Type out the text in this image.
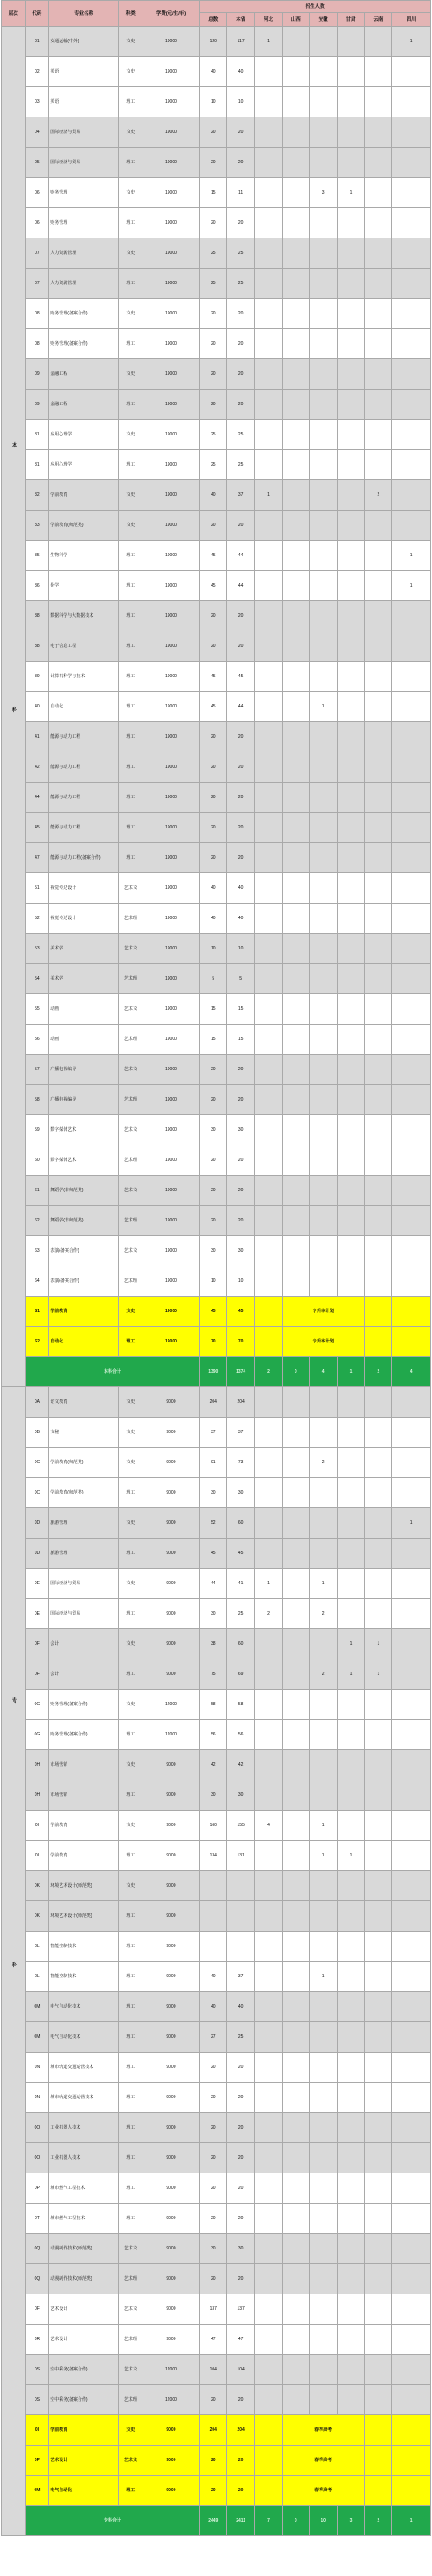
层次	代码	专业名称	科类	学费(元/生/年)	招生人数							
					总数	本省	河北	山西	安徽	甘肃	云南	四川
本科	01	交通运输(中外)	文史	19000	120	117	1					1
	02	英语	文史	19000	40	40						
	03	英语	理工	19000	10	10						
	04	国际经济与贸易	文史	19000	20	20						
	05	国际经济与贸易	理工	19000	20	20						
	06	财务管理	文史	19000	15	11			3	1		
	06	财务管理	理工	19000	20	20						
	07	人力资源管理	文史	19000	25	25						
	07	人力资源管理	理工	19000	25	25						
	08	财务管理(备案合作)	文史	19000	20	20						
	08	财务管理(备案合作)	理工	19000	20	20						
	09	金融工程	文史	19000	20	20						
	09	金融工程	理工	19000	20	20						
	31	应用心理学	文史	19000	25	25						
	31	应用心理学	理工	19000	25	25						
	32	学前教育	文史	19000	40	37	1				2	
	33	学前教育(师范类)	文史	19000	20	20						
	35	生物科学	理工	19000	45	44						1
	36	化学	理工	19000	45	44						1
	38	数据科学与大数据技术	理工	19000	20	20						
	38	电子信息工程	理工	19000	20	20						
	39	计算机科学与技术	理工	19000	45	45						
	40	自动化	理工	19000	45	44			1			
	41	能源与动力工程	理工	19000	20	20						
	42	能源与动力工程	理工	19000	20	20						
	44	能源与动力工程	理工	19000	20	20						
	45	能源与动力工程	理工	19000	20	20						
	47	能源与动力工程(备案合作)	理工	19000	20	20						
	51	视觉传达设计	艺术文	19000	40	40						
	52	视觉传达设计	艺术理	19000	40	40						
	53	美术学	艺术文	19000	10	10						
	54	美术学	艺术理	19000	5	5						
	55	动画	艺术文	19000	15	15						
	56	动画	艺术理	19000	15	15						
	57	广播电视编导	艺术文	19000	20	20						
	58	广播电视编导	艺术理	19000	20	20						
	59	数字媒体艺术	艺术文	19000	30	30						
	60	数字媒体艺术	艺术理	19000	20	20						
	61	舞蹈学(非师范类)	艺术文	19000	20	20						
	62	舞蹈学(非师范类)	艺术理	19000	20	20						
	63	表演(备案合作)	艺术文	19000	30	30						
	64	表演(备案合作)	艺术理	19000	10	10						
	S1	学前教育	文史	19000	45	45		专升本计划				
	S2	自动化	理工	19000	70	70		专升本计划				
	本科合计				1390	1374	2	0	4	1	2	4
专科	0A	语文教育	文史	9000	204	204						
	0B	文秘	文史	9000	37	37						
	0C	学前教育(师范类)	文史	9000	91	73			2			
	0C	学前教育(师范类)	理工	9000	30	30						
	0D	旅游管理	文史	9000	52	60						1
	0D	旅游管理	理工	9000	45	45						
	0E	国际经济与贸易	文史	9000	44	41	1		1			
	0E	国际经济与贸易	理工	9000	30	25	2		2			
	0F	会计	文史	9000	38	60				1	1	
	0F	会计	理工	9000	75	69			2	1	1	
	0G	财务管理(备案合作)	文史	12000	58	58						
	0G	财务管理(备案合作)	理工	12000	56	56						
	0H	市场营销	文史	9000	42	42						
	0H	市场营销	理工	9000	30	30						
	0I	学前教育	文史	9000	160	155	4		1			
	0I	学前教育	理工	9000	134	131			1	1		
	0K	环境艺术设计(师范类)	文史	9000								
	0K	环境艺术设计(师范类)	理工	9000								
	0L	智能控制技术	理工	9000								
	0L	智能控制技术	理工	9000	40	37			1			
	0M	电气自动化技术	理工	9000	40	40						
	0M	电气自动化技术	理工	9000	27	25						
	0N	城市轨道交通运营技术	理工	9000	20	20						
	0N	城市轨道交通运营技术	理工	9000	20	20						
	0O	工业机器人技术	理工	9000	20	20						
	0O	工业机器人技术	理工	9000	20	20						
	0P	城市燃气工程技术	理工	9000	20	20						
	0T	城市燃气工程技术	理工	9000	20	20						
	0Q	动漫制作技术(师范类)	艺术文	9000	30	30						
	0Q	动漫制作技术(师范类)	艺术理	9000	20	20						
	0F	艺术设计	艺术文	9000	137	137						
	0R	艺术设计	艺术理	9000	47	47						
	0S	空中乘务(备案合作)	艺术文	12000	104	104						
	0S	空中乘务(备案合作)	艺术理	12000	20	20						
	0I	学前教育	文史	9000	204	204		春季高考				
	0P	艺术设计	艺术文	9000	20	20		春季高考				
	0M	电气自动化	理工	9000	20	20		春季高考				
	专科合计				2449	2411	7	0	10	3	2	1
